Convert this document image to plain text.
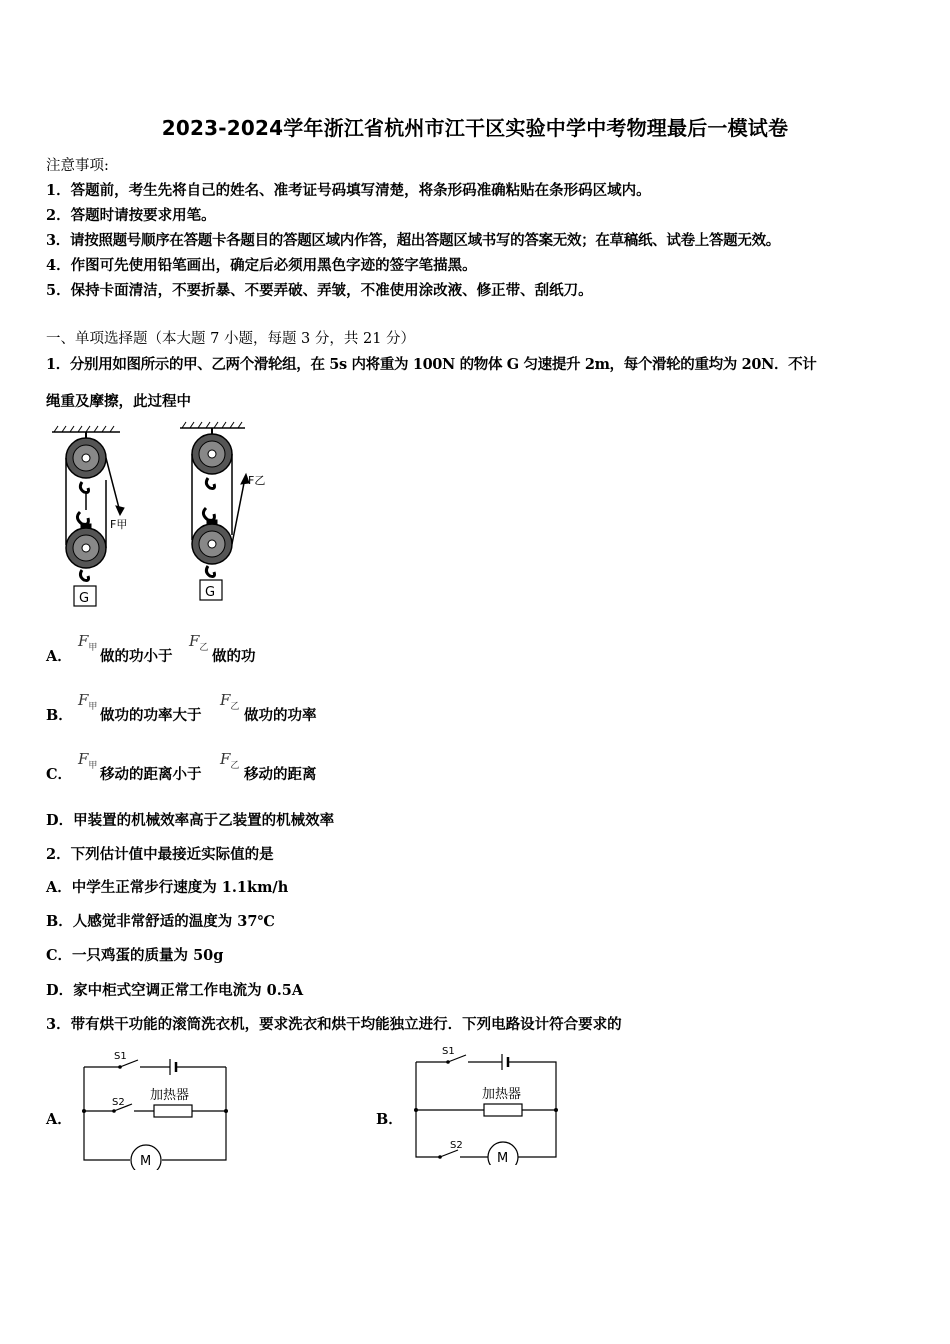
2023-2024学年浙江省杭州市江干区实验中学中考物理最后一模试卷
注意事项:
1．答题前，考生先将自己的姓名、准考证号码填写清楚，将条形码准确粘贴在条形码区域内。
2．答题时请按要求用笔。
3．请按照题号顺序在答题卡各题目的答题区域内作答，超出答题区域书写的答案无效；在草稿纸、试卷上答题无效。
4．作图可先使用铅笔画出，确定后必须用黑色字迹的签字笔描黑。
5．保持卡面清洁，不要折暴、不要弄破、弄皱，不准使用涂改液、修正带、刮纸刀。
一、单项选择题（本大题 7 小题，每题 3 分，共 21 分）
1．分别用如图所示的甲、乙两个滑轮组，在 5s 内将重为 100N 的物体 G 匀速提升 2m，每个滑轮的重均为 20N．不计
绳重及摩擦，此过程中
F甲
G
F乙
G
A．
$F_甲$ 做的功小于
$F_乙$ 做的功
B．
$F_甲$ 做功的功率大于
$F_乙$ 做功的功率
C．
$F_甲$ 移动的距离小于
$F_乙$ 移动的距离
D．甲装置的机械效率高于乙装置的机械效率
2．下列估计值中最接近实际值的是
A．中学生正常步行速度为 1.1km/h
B．人感觉非常舒适的温度为 37℃
C．一只鸡蛋的质量为 50g
D．家中柜式空调正常工作电流为 0.5A
3．带有烘干功能的滚筒洗衣机，要求洗衣和烘干均能独立进行．下列电路设计符合要求的
A．
S1
S2 加热器
M
B．
S1
S2
加热器
M
